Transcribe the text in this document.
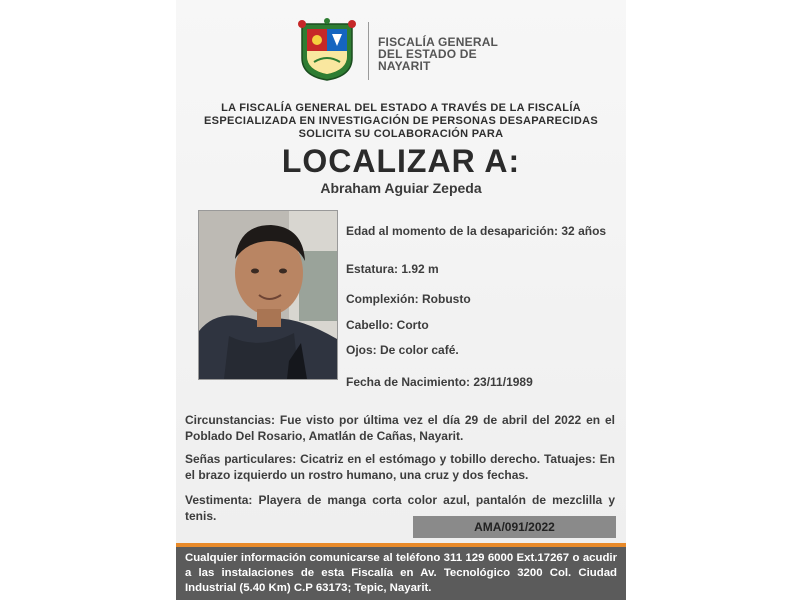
FISCALÍA GENERAL
DEL ESTADO DE
NAYARIT
LA FISCALÍA GENERAL DEL ESTADO A TRAVÉS DE LA FISCALÍA
ESPECIALIZADA EN INVESTIGACIÓN DE PERSONAS DESAPARECIDAS
SOLICITA SU COLABORACIÓN PARA
LOCALIZAR A:
Abraham Aguiar Zepeda
Edad al momento de la desaparición: 32 años
Estatura: 1.92 m
Complexión: Robusto
Cabello: Corto
Ojos: De color café.
Fecha de Nacimiento: 23/11/1989
Circunstancias: Fue visto por última vez el día 29 de abril del 2022 en el Poblado Del Rosario, Amatlán de Cañas, Nayarit.
Señas particulares: Cicatriz en el estómago y tobillo derecho. Tatuajes: En el brazo izquierdo un rostro humano, una cruz y dos fechas.
Vestimenta: Playera de manga corta color azul, pantalón de mezclilla y tenis.
AMA/091/2022
Cualquier información comunicarse al teléfono 311 129 6000 Ext.17267 o acudir a las instalaciones de esta Fiscalía en Av. Tecnológico 3200 Col. Ciudad Industrial (5.40 Km) C.P 63173; Tepic, Nayarit.
